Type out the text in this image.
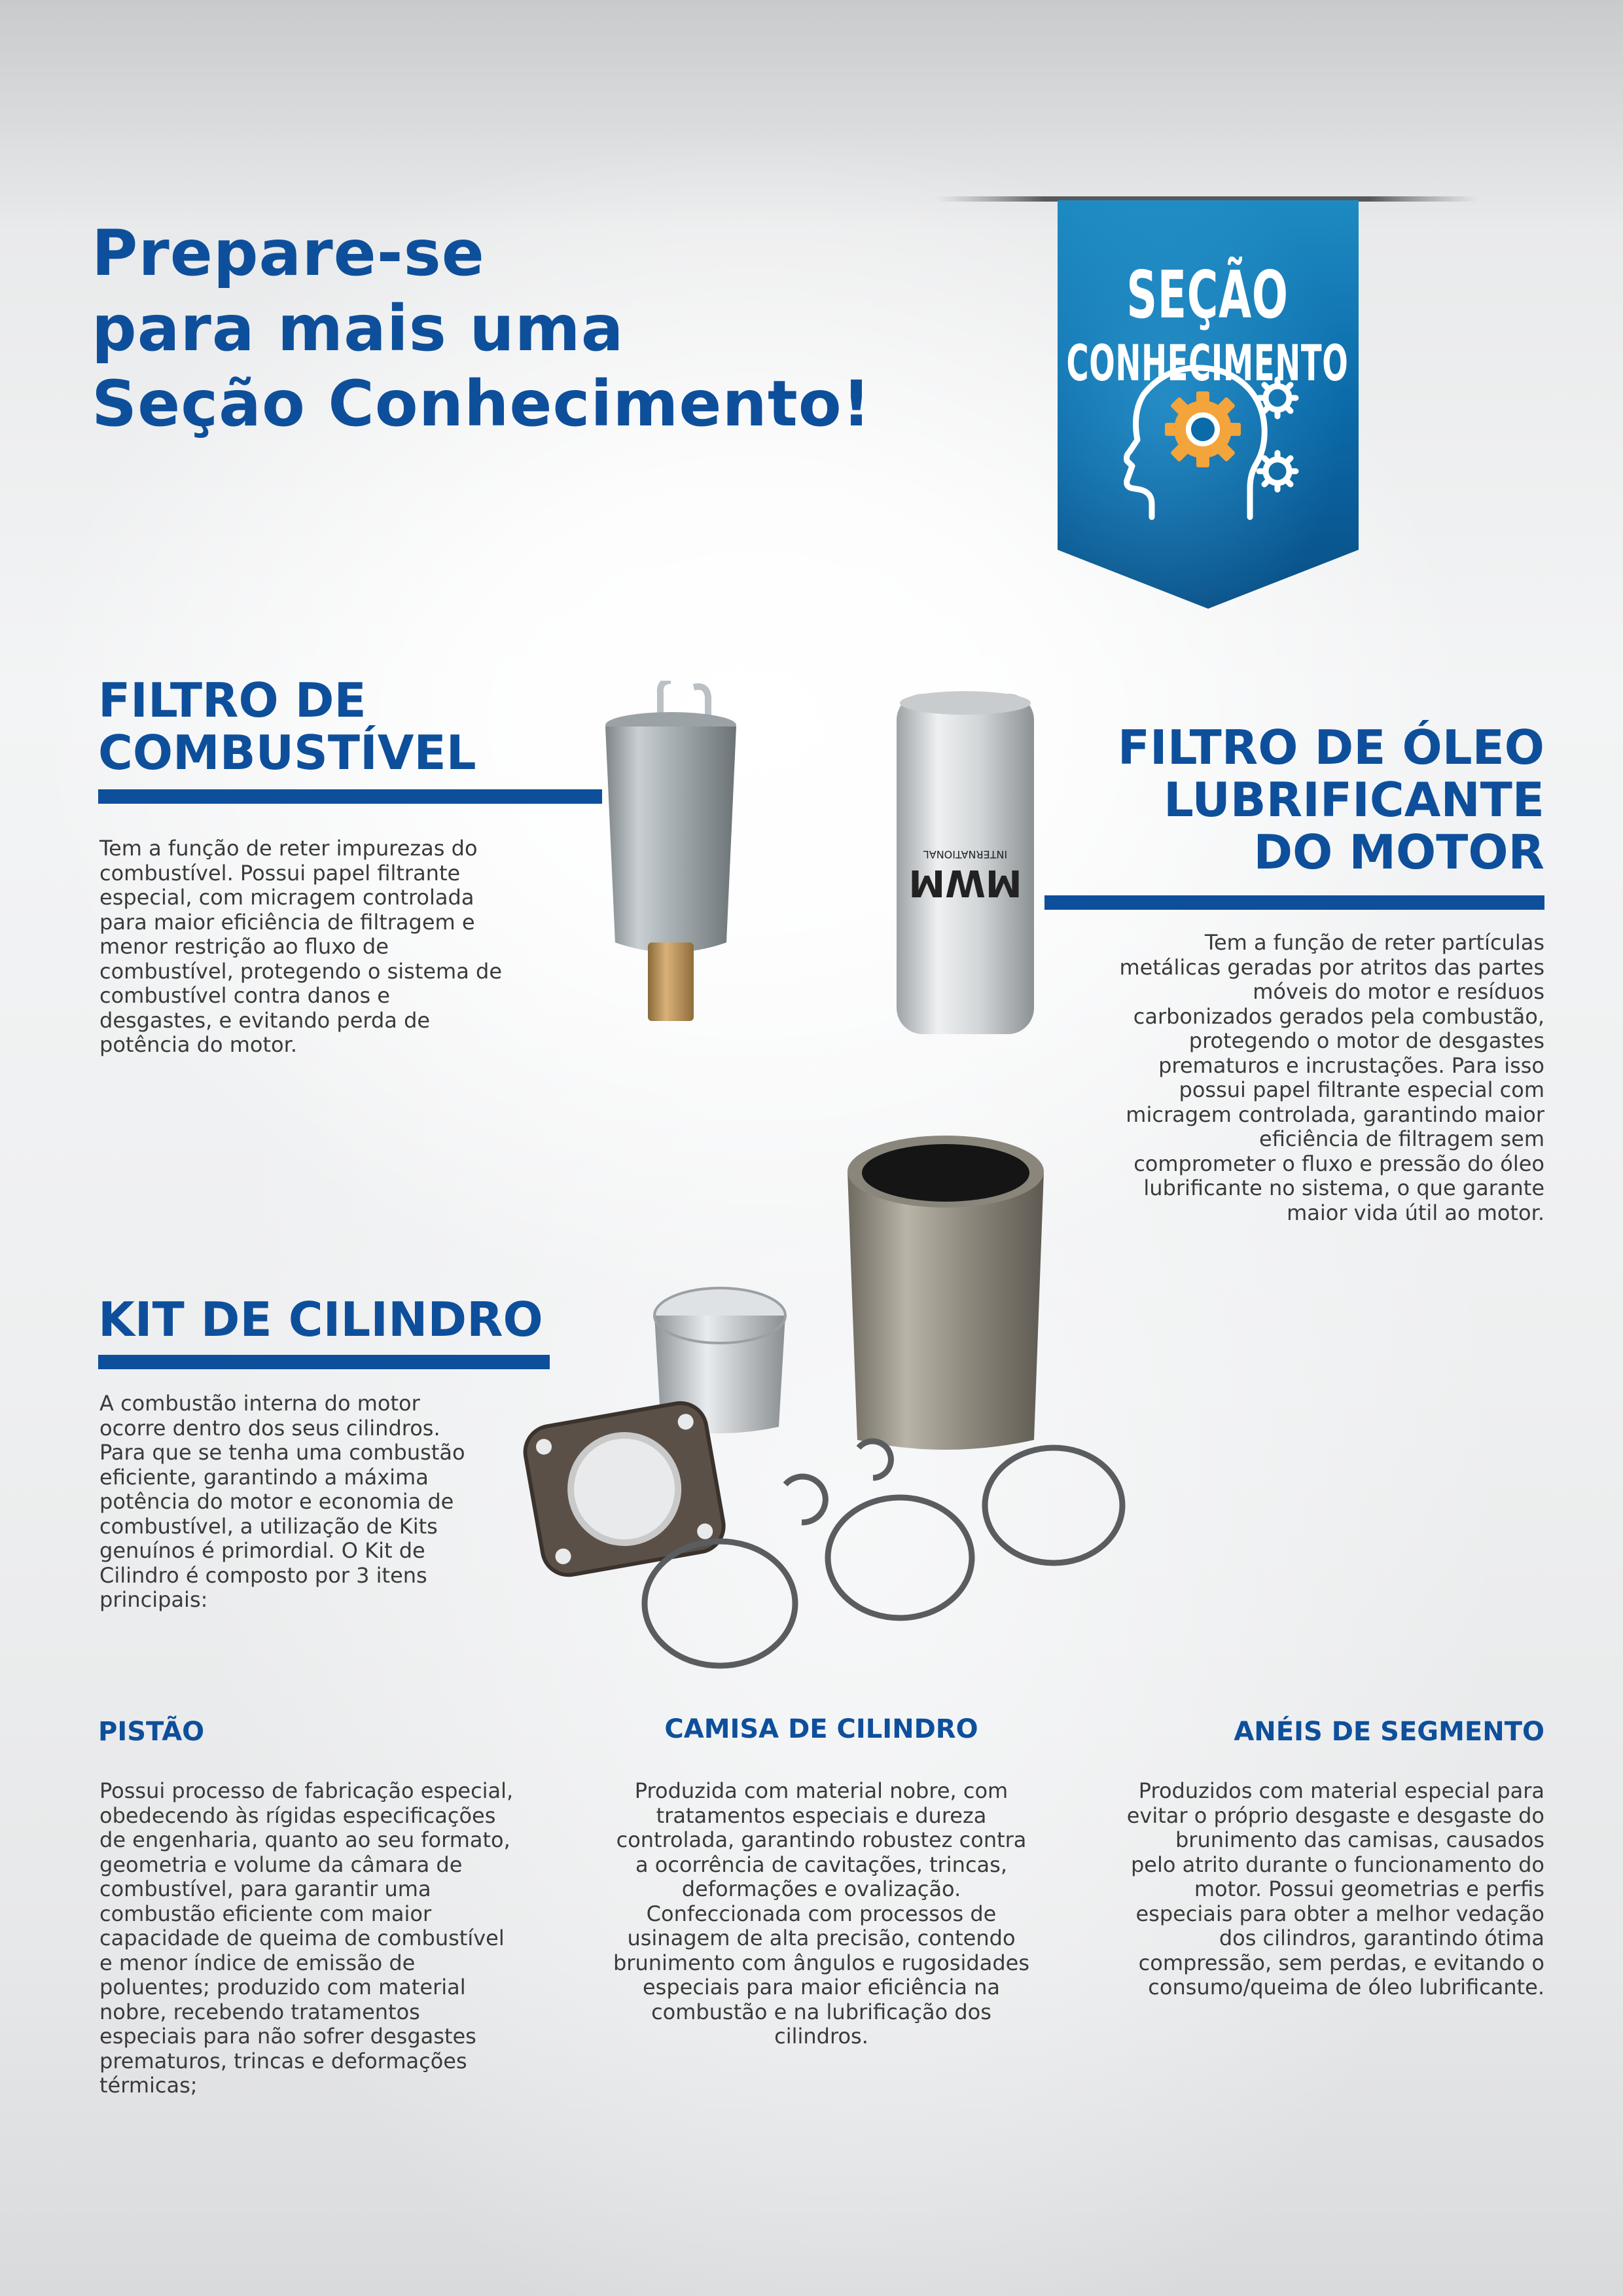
Prepare-se
para mais uma
Seção Conhecimento!
SEÇÃO
CONHECIMENTO
FILTRO DE
COMBUSTÍVEL
Tem a função de reter impurezas do combustível. Possui papel filtrante especial, com micragem controlada para maior eficiência de filtragem e menor restrição ao fluxo de combustível, protegendo o sistema de combustível contra danos e desgastes, e evitando perda de potência do motor.
MWM
INTERNATIONAL
FILTRO DE ÓLEO
LUBRIFICANTE
DO MOTOR
Tem a função de reter partículas metálicas geradas por atritos das partes móveis do motor e resíduos carbonizados gerados pela combustão, protegendo o motor de desgastes prematuros e incrustações. Para isso possui papel filtrante especial com micragem controlada, garantindo maior eficiência de filtragem sem comprometer o fluxo e pressão do óleo lubrificante no sistema, o que garante maior vida útil ao motor.
KIT DE CILINDRO
A combustão interna do motor ocorre dentro dos seus cilindros. Para que se tenha uma combustão eficiente, garantindo a máxima potência do motor e economia de combustível, a utilização de Kits genuínos é primordial. O Kit de Cilindro é composto por 3 itens principais:
PISTÃO
Possui processo de fabricação especial, obedecendo às rígidas especificações de engenharia, quanto ao seu formato, geometria e volume da câmara de combustível, para garantir uma combustão eficiente com maior capacidade de queima de combustível e menor índice de emissão de poluentes; produzido com material nobre, recebendo tratamentos especiais para não sofrer desgastes prematuros, trincas e deformações térmicas;
CAMISA DE CILINDRO
Produzida com material nobre, com tratamentos especiais e dureza controlada, garantindo robustez contra a ocorrência de cavitações, trincas, deformações e ovalização. Confeccionada com processos de usinagem de alta precisão, contendo brunimento com ângulos e rugosidades especiais para maior eficiência na combustão e na lubrificação dos cilindros.
ANÉIS DE SEGMENTO
Produzidos com material especial para evitar o próprio desgaste e desgaste do brunimento das camisas, causados pelo atrito durante o funcionamento do motor. Possui geometrias e perfis especiais para obter a melhor vedação dos cilindros, garantindo ótima compressão, sem perdas, e evitando o consumo/queima de óleo lubrificante.
